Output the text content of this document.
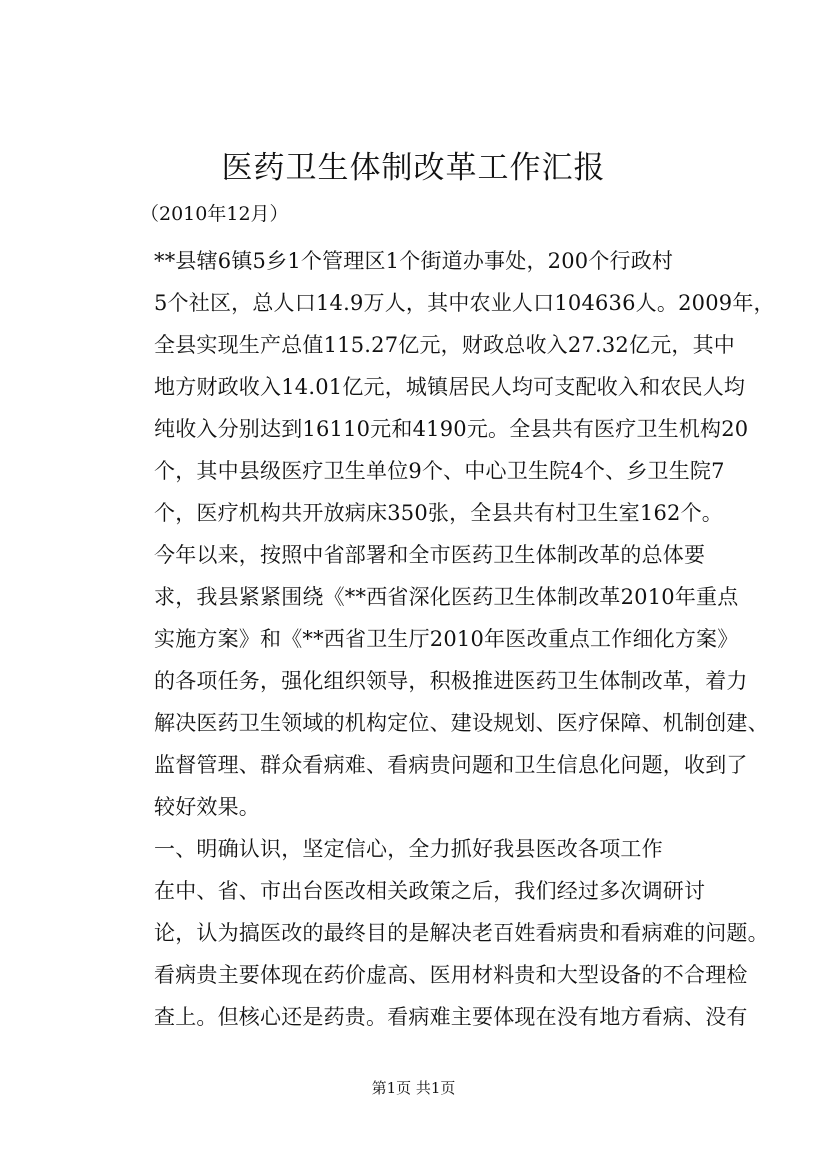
医药卫生体制改革工作汇报
（2010年12月）

**县辖6镇5乡1个管理区1个街道办事处，200个行政村
5个社区，总人口14.9万人，其中农业人口104636人。2009年，
全县实现生产总值115.27亿元，财政总收入27.32亿元，其中
地方财政收入14.01亿元，城镇居民人均可支配收入和农民人均
纯收入分别达到16110元和4190元。全县共有医疗卫生机构20
个，其中县级医疗卫生单位9个、中心卫生院4个、乡卫生院7
个，医疗机构共开放病床350张，全县共有村卫生室162个。

今年以来，按照中省部署和全市医药卫生体制改革的总体要
求，我县紧紧围绕《**西省深化医药卫生体制改革2010年重点
实施方案》和《**西省卫生厅2010年医改重点工作细化方案》
的各项任务，强化组织领导，积极推进医药卫生体制改革，着力
解决医药卫生领域的机构定位、建设规划、医疗保障、机制创建、
监督管理、群众看病难、看病贵问题和卫生信息化问题，收到了
较好效果。

一、明确认识，坚定信心，全力抓好我县医改各项工作

在中、省、市出台医改相关政策之后，我们经过多次调研讨
论，认为搞医改的最终目的是解决老百姓看病贵和看病难的问题。
看病贵主要体现在药价虚高、医用材料贵和大型设备的不合理检
查上。但核心还是药贵。看病难主要体现在没有地方看病、没有

第1页 共1页
